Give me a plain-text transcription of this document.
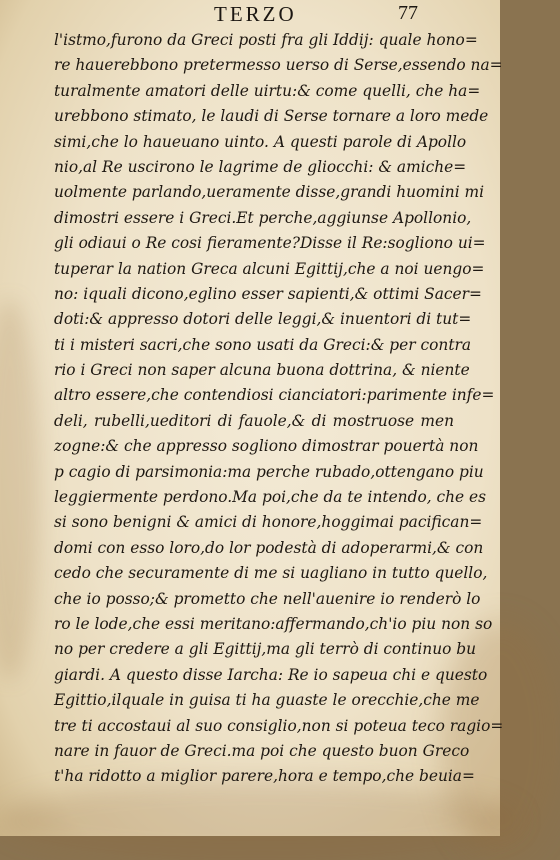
TERZO	77
l'istmo,furono da Greci posti fra gli Iddij: quale hono=
re hauerebbono pretermesso uerso di Serse,essendo na=
turalmente amatori delle uirtu:& come quelli, che ha=
urebbono stimato, le laudi di Serse tornare a loro mede
simi,che lo haueuano uinto. A questi parole di Apollo
nio,al Re uscirono le lagrime de gliocchi: & amiche=
uolmente parlando,ueramente disse,grandi huomini mi
dimostri essere i Greci.Et perche,aggiunse Apollonio,
gli odiaui o Re cosi fieramente?Disse il Re:sogliono ui=
tuperar la nation Greca alcuni Egittij,che a noi uengo=
no: iquali dicono,eglino esser sapienti,& ottimi Sacer=
doti:& appresso dotori delle leggi,& inuentori di tut=
ti i misteri sacri,che sono usati da Greci:& per contra
rio i Greci non saper alcuna buona dottrina, & niente
altro essere,che contendiosi cianciatori:parimente infe=
deli, rubelli,ueditori di fauole,& di mostruose men
zogne:& che appresso sogliono dimostrar pouertà non
p cagio di parsimonia:ma perche rubado,ottengano piu
leggiermente perdono.Ma poi,che da te intendo, che es
si sono benigni & amici di honore,hoggimai pacifican=
domi con esso loro,do lor podestà di adoperarmi,& con
cedo che securamente di me si uagliano in tutto quello,
che io posso;& prometto che nell'auenire io renderò lo
ro le lode,che essi meritano:affermando,ch'io piu non so
no per credere a gli Egittij,ma gli terrò di continuo bu
giardi. A questo disse Iarcha: Re io sapeua chi e questo
Egittio,ilquale in guisa ti ha guaste le orecchie,che me
tre ti accostaui al suo consiglio,non si poteua teco ragio=
nare in fauor de Greci.ma poi che questo buon Greco
t'ha ridotto a miglior parere,hora e tempo,che beuia=
